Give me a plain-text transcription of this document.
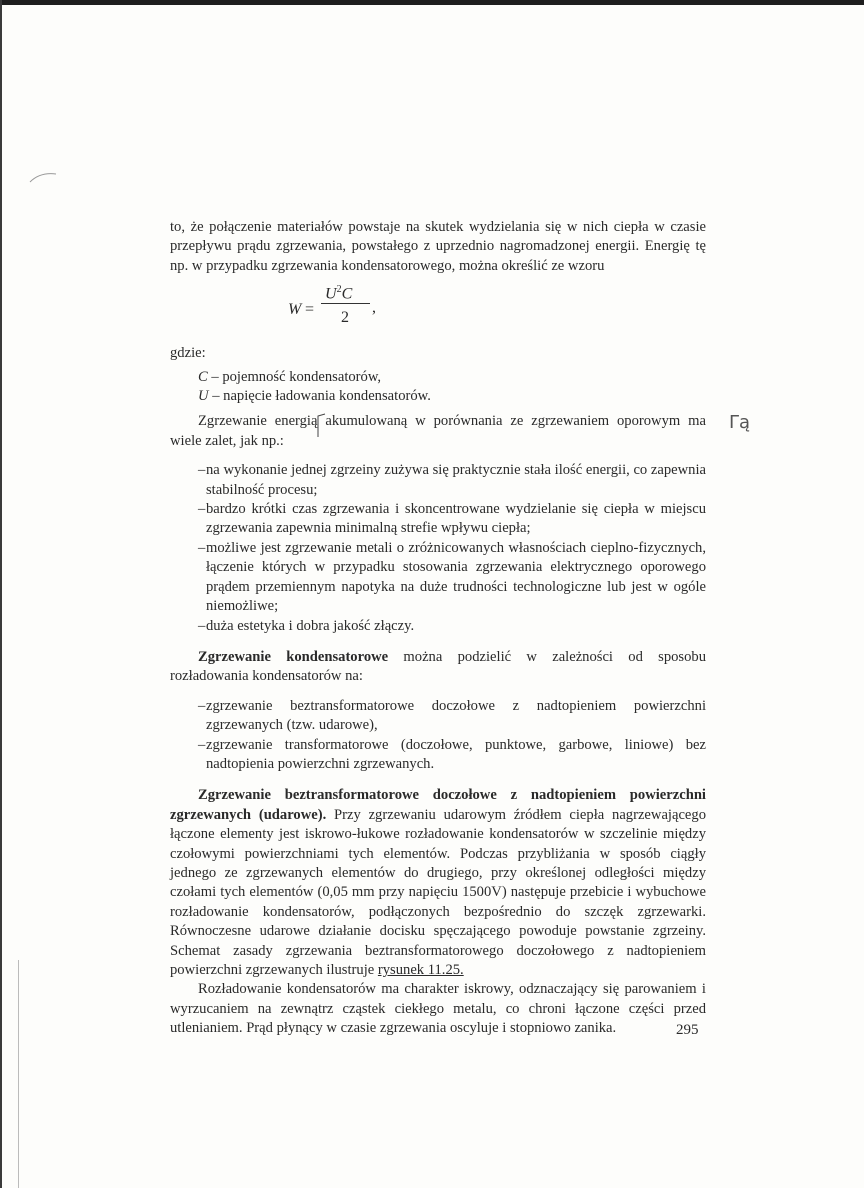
to, że połączenie materiałów powstaje na skutek wydzielania się w nich ciepła w czasie przepływu prądu zgrzewania, powstałego z uprzednio nagromadzonej energii. Energię tę np. w przypadku zgrzewania kondensatorowego, można określić ze wzoru

W =
$U^2C$
2
,

gdzie:

C – pojemność kondensatorów,
U – napięcie ładowania kondensatorów.

Zgrzewanie energią akumulowaną w porównania ze zgrzewaniem oporowym ma wiele zalet, jak np.:

– na wykonanie jednej zgrzeiny zużywa się praktycznie stała ilość energii, co zapewnia stabilność procesu;
– bardzo krótki czas zgrzewania i skoncentrowane wydzielanie się ciepła w miejscu zgrzewania zapewnia minimalną strefie wpływu ciepła;
– możliwe jest zgrzewanie metali o zróżnicowanych własnościach cieplno-fizycznych, łączenie których w przypadku stosowania zgrzewania elektrycznego oporowego prądem przemiennym napotyka na duże trudności technologiczne lub jest w ogóle niemożliwe;
– duża estetyka i dobra jakość złączy.

Zgrzewanie kondensatorowe można podzielić w zależności od sposobu rozładowania kondensatorów na:

– zgrzewanie beztransformatorowe doczołowe z nadtopieniem powierzchni zgrzewanych (tzw. udarowe),
– zgrzewanie transformatorowe (doczołowe, punktowe, garbowe, liniowe) bez nadtopienia powierzchni zgrzewanych.

Zgrzewanie beztransformatorowe doczołowe z nadtopieniem powierzchni zgrzewanych (udarowe). Przy zgrzewaniu udarowym źródłem ciepła nagrzewającego łączone elementy jest iskrowo-łukowe rozładowanie kondensatorów w szczelinie między czołowymi powierzchniami tych elementów. Podczas przybliżania w sposób ciągły jednego ze zgrzewanych elementów do drugiego, przy określonej odległości między czołami tych elementów (0,05 mm przy napięciu 1500V) następuje przebicie i wybuchowe rozładowanie kondensatorów, podłączonych bezpośrednio do szczęk zgrzewarki. Równoczesne udarowe działanie docisku spęczającego powoduje powstanie zgrzeiny. Schemat zasady zgrzewania beztransformatorowego doczołowego z nadtopieniem powierzchni zgrzewanych ilustruje rysunek 11.25.

Rozładowanie kondensatorów ma charakter iskrowy, odznaczający się parowaniem i wyrzucaniem na zewnątrz cząstek ciekłego metalu, co chroni łączone części przed utlenianiem. Prąd płynący w czasie zgrzewania oscyluje i stopniowo zanika.

Γą
295
